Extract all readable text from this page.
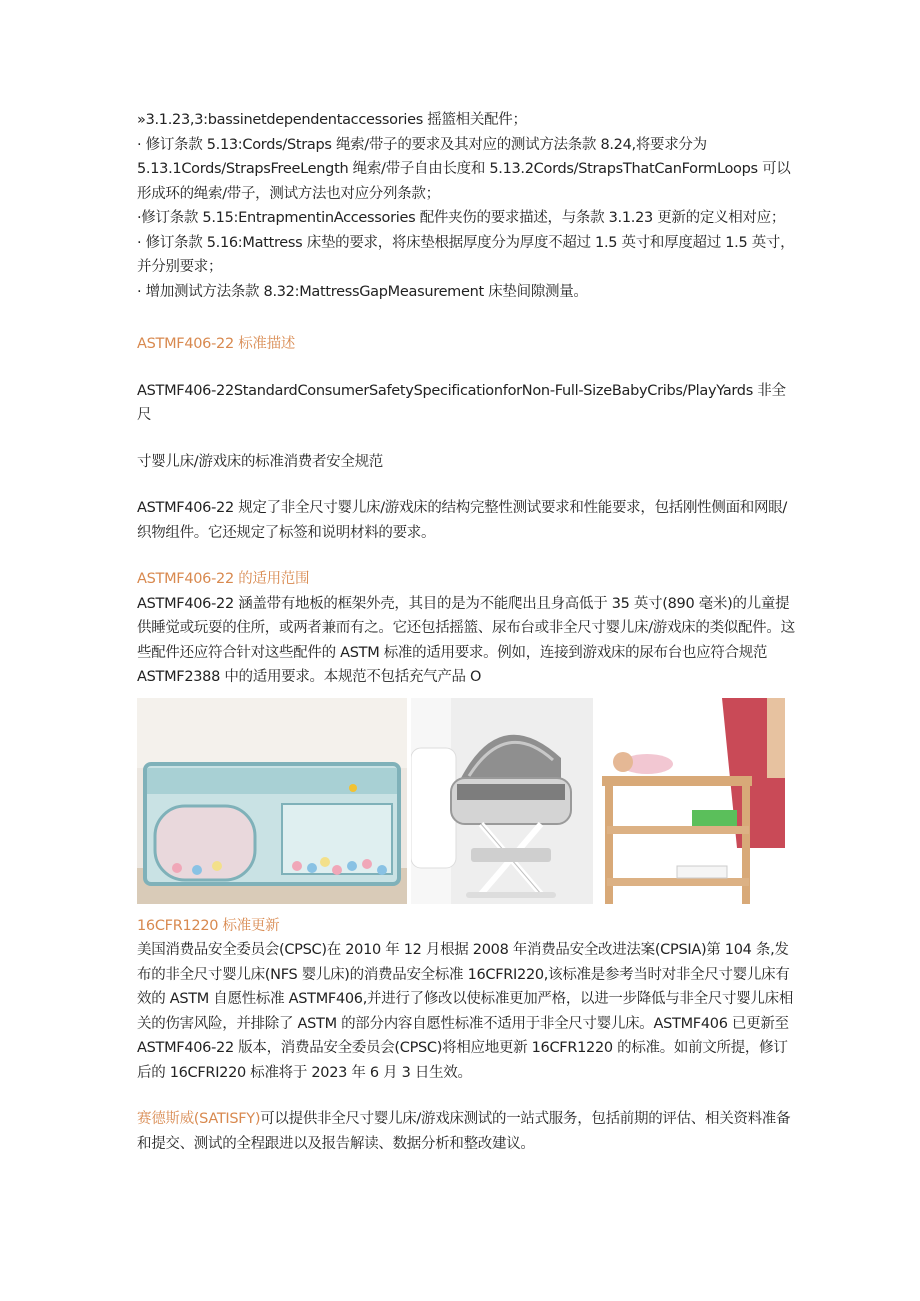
»3.1.23,3:bassinetdependentaccessories 摇篮相关配件；

· 修订条款 5.13:Cords/Straps 绳索/带子的要求及其对应的测试方法条款 8.24,将要求分为 5.13.1Cords/StrapsFreeLength 绳索/带子自由长度和 5.13.2Cords/StrapsThatCanFormLoops 可以形成环的绳索/带子，测试方法也对应分列条款；

·修订条款 5.15:EntrapmentinAccessories 配件夹伤的要求描述，与条款 3.1.23 更新的定义相对应；

· 修订条款 5.16:Mattress 床垫的要求，将床垫根据厚度分为厚度不超过 1.5 英寸和厚度超过 1.5 英寸，并分别要求；

· 增加测试方法条款 8.32:MattressGapMeasurement 床垫间隙测量。

ASTMF406-22 标准描述

ASTMF406-22StandardConsumerSafetySpecificationforNon-Full-SizeBabyCribs/PlayYards 非全尺

寸婴儿床/游戏床的标准消费者安全规范

ASTMF406-22 规定了非全尺寸婴儿床/游戏床的结构完整性测试要求和性能要求，包括刚性侧面和网眼/织物组件。它还规定了标签和说明材料的要求。

ASTMF406-22 的适用范围

ASTMF406-22 涵盖带有地板的框架外壳，其目的是为不能爬出且身高低于 35 英寸(890 毫米)的儿童提供睡觉或玩耍的住所，或两者兼而有之。它还包括摇篮、尿布台或非全尺寸婴儿床/游戏床的类似配件。这些配件还应符合针对这些配件的 ASTM 标准的适用要求。例如，连接到游戏床的尿布台也应符合规范 ASTMF2388 中的适用要求。本规范不包括充气产品 O

16CFR1220 标准更新

美国消费品安全委员会(CPSC)在 2010 年 12 月根据 2008 年消费品安全改进法案(CPSIA)第 104 条,发布的非全尺寸婴儿床(NFS 婴儿床)的消费品安全标准 16CFRI220,该标准是参考当时对非全尺寸婴儿床有效的 ASTM 自愿性标准 ASTMF406,并进行了修改以使标准更加严格，以进一步降低与非全尺寸婴儿床相关的伤害风险，并排除了 ASTM 的部分内容自愿性标准不适用于非全尺寸婴儿床。ASTMF406 已更新至 ASTMF406-22 版本，消费品安全委员会(CPSC)将相应地更新 16CFR1220 的标准。如前文所提，修订后的 16CFRI220 标准将于 2023 年 6 月 3 日生效。

赛德斯威(SATISFY)可以提供非全尺寸婴儿床/游戏床测试的一站式服务，包括前期的评估、相关资料准备和提交、测试的全程跟进以及报告解读、数据分析和整改建议。
